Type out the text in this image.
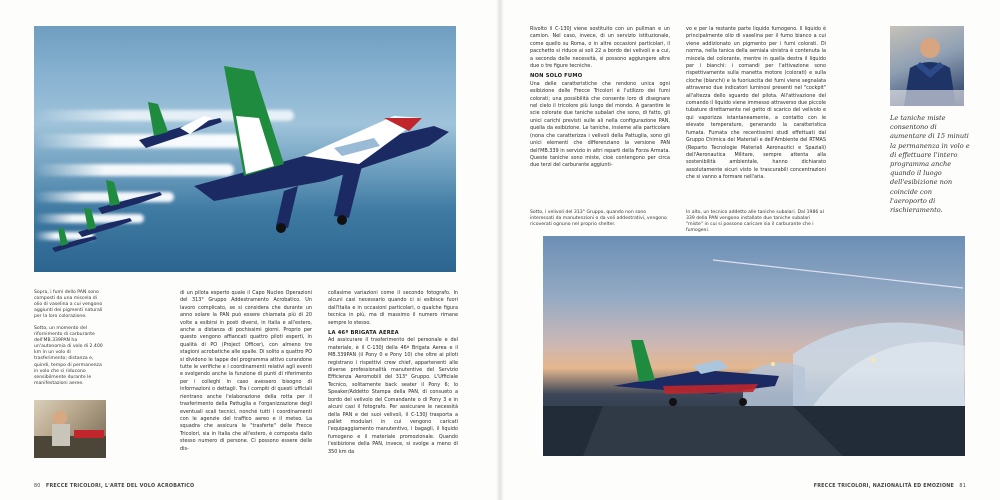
Sopra, i fumi dello PAN sono composti da una miscela di olio di vaselina a cui vengono aggiunti dei pigmenti naturali per la loro colorazione.
Sotto, un momento del rifornimento di carburante dell'MB.339PAN ha un'autonomia di volo di 2.400 km in un volo di trasferimento; distanza e, quindi, tempo di permanenza in volo che si riducono sensibilmente durante le manifestazioni aeree.
di un pilota esperto quale il Capo Nucleo Operazioni del 313° Gruppo Addestramento Acrobatico. Un lavoro complicato, se si considera che durante un anno solare la PAN può essere chiamata più di 20 volte a esibirsi in posti diversi, in Italia e all'estero, anche a distanza di pochissimi giorni. Proprio per questo vengono affiancati quattro piloti esperti, in qualità di PO (Project Officer), con almeno tre stagioni acrobatiche alle spalle. Di solito a quattro PO si dividono le tappe del programma attivo curandone tutte le verifiche e i coordinamenti relativi agli eventi e svolgendo anche la funzione di punti di riferimento per i colleghi in caso avessero bisogno di informazioni o dettagli. Tra i compiti di questi ufficiali rientrano anche l'elaborazione della rotta per il trasferimento della Pattuglia e l'organizzazione degli eventuali scali tecnici, nonché tutti i coordinamenti con le agenzie del traffico aereo e il meteo. La squadra che assicura le "trasferte" delle Frecce Tricolori, sia in Italia che all'estero, è composta dallo stesso numero di persone. Ci possono essere delle dis-

collasime variazioni come il secondo fotografo. In alcuni casi necessario quando ci si esibisce fuori dall'Italia e in occasioni particolari, o qualche figura tecnica in più, ma di massimo il numero rimane sempre lo stesso.

LA 46ª BRIGATA AEREA

Ad assicurare il trasferimento del personale e del materiale, è il C-130J della 46ª Brigata Aerea e il MB.339PAN (il Pony 0 e Pony 10) che oltre ai piloti registrano i rispettivi crew chief, appartenenti alle diverse professionalità manutentive del Servizio Efficienza Aeromobili del 313° Gruppo. L'Ufficiale Tecnico, solitamente back seater il Pony 6; lo Speaker/Addetto Stampa della PAN, di consueto a bordo del velivolo del Comandante o di Pony 3 e in alcuni casi il fotografo. Per assicurare le necessità della PAN e dei suoi velivoli, il C-130J trasporta a pallet modulari in cui vengono caricati l'equipaggiamento manutentivo, i bagagli, il liquido fumogeno e il materiale promozionale. Quando l'esibizione della PAN, invece, si svolge a meno di 350 km da

80 FRECCE TRICOLORI, L'ARTE DEL VOLO ACROBATICO

Rivolto il C-130J viene sostituito con un pullman e un camion. Nel caso, invece, di un servizio istituzionale, come quello su Roma, o in altre occasioni particolari, il pacchetto si riduce ai soli 22 a bordo dei velivoli e a cui, a seconda delle necessità, si possono aggiungere altre due o tre figure tecniche.

NON SOLO FUMO

Una delle caratteristiche che rendono unica ogni esibizione delle Frecce Tricolori è l'utilizzo dei fumi colorati; una possibilità che consente loro di disegnare nel cielo il tricolore più lungo del mondo. A garantire le scie colorate due taniche subalari che sono, di fatto, gli unici carichi previsti sulle ali nella configurazione PAN, quella da esibizione. Le taniche, insieme alla particolare (nona che caratterizza i velivoli della Pattuglia, sono gli unici elementi che differenziano la versione PAN dell'MB.339 in servizio in altri reparti della Forza Armata. Queste taniche sono miste, cioè contengono per circa due terzi del carburante aggiunti-

vo e per la restante parte liquido fumogeno. Il liquido è principalmente olio di vaselina per il fumo bianco a cui viene addizionato un pigmento per i fumi colorati. Di norma, nella tanica della semiala sinistra è contenuta la miscela del colorante, mentre in quella destra il liquido per i bianchi: i comandi per l'attivazione sono rispettivamente sulla manetta motore (colorati) e sulla cloche (bianchi) e la fuoriuscita dei fumi viene segnalata attraverso due indicatori luminosi presenti nel "cockpit" all'altezza dello sguardo del pilota. All'attivazione del comando il liquido viene immesso attraverso due piccole tubature direttamente nel getto di scarico del velivolo e qui vaporizza istantaneamente, a contatto con le elevate temperature, generando la caratteristica fumata. Fumata che recentissimi studi effettuati dal Gruppo Chimica dei Materiali e dell'Ambiente del RTMAS (Reparto Tecnologie Materiali Aeronautici e Spaziali) dell'Aeronautica Militare, sempre attenta alla sostenibilità ambientale, hanno dichiarato assolutamente sicuri visto le trascurabili concentrazioni che si vanno a formare nell'aria.
Sotto, i velivoli del 313° Gruppo, quando non sono interessati da manutenzioni o da voli addestrativi, vengono ricoverati ognuno nel proprio shelter.
In alto, un tecnico addetto alle taniche subalari. Dal 1986 al 339 della PAN vengono installate due taniche subalari "miste" in cui si possono caricare sia il carburante che i fumogeni.
Le taniche miste consentono di aumentare di 15 minuti la permanenza in volo e di effettuare l'intero programma anche quando il luogo dell'esibizione non coincide con l'aeroporto di rischieramento.
FRECCE TRICOLORI, NAZIONALITÀ ED EMOZIONE 81
